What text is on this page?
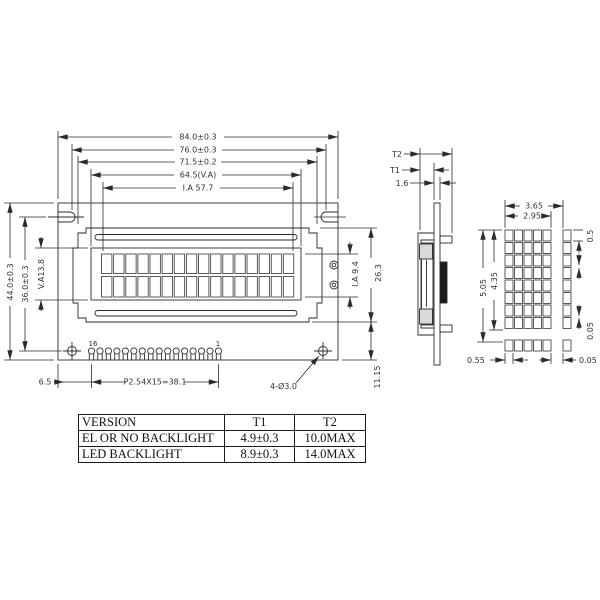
84.0±0.3
76.0±0.3
71.5±0.2
64.5(V.A)
I.A 57.7
44.0±0.3 36.0±0.3 V.A13.8	I.A 9.4 26.3
11.15
6.5	P2.54X15=38.1	4-Ø3.0
16	1
T2
T1
1.6
3.65
2.95
5.05 4.35
0.5
0.05
0.55	0.05
VERSION	T1	T2
EL OR NO BACKLIGHT	4.9±0.3	10.0MAX
LED BACKLIGHT	8.9±0.3	14.0MAX
